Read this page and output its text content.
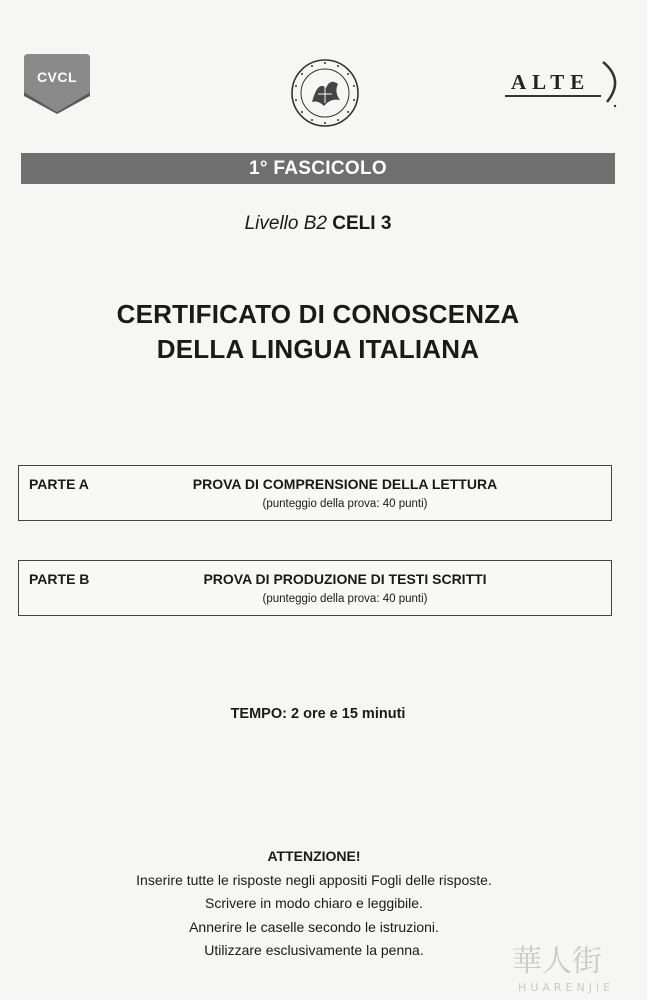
CVCL	ALTE
1° FASCICOLO
Livello B2 CELI 3
CERTIFICATO DI CONOSCENZA
DELLA LINGUA ITALIANA
PARTE A	PROVA DI COMPRENSIONE DELLA LETTURA
(punteggio della prova: 40 punti)
PARTE B	PROVA DI PRODUZIONE DI TESTI SCRITTI
(punteggio della prova: 40 punti)
TEMPO: 2 ore e 15 minuti
ATTENZIONE!
Inserire tutte le risposte negli appositi Fogli delle risposte.
Scrivere in modo chiaro e leggibile.
Annerire le caselle secondo le istruzioni.
Utilizzare esclusivamente la penna.	華人街
HUARENJIE
